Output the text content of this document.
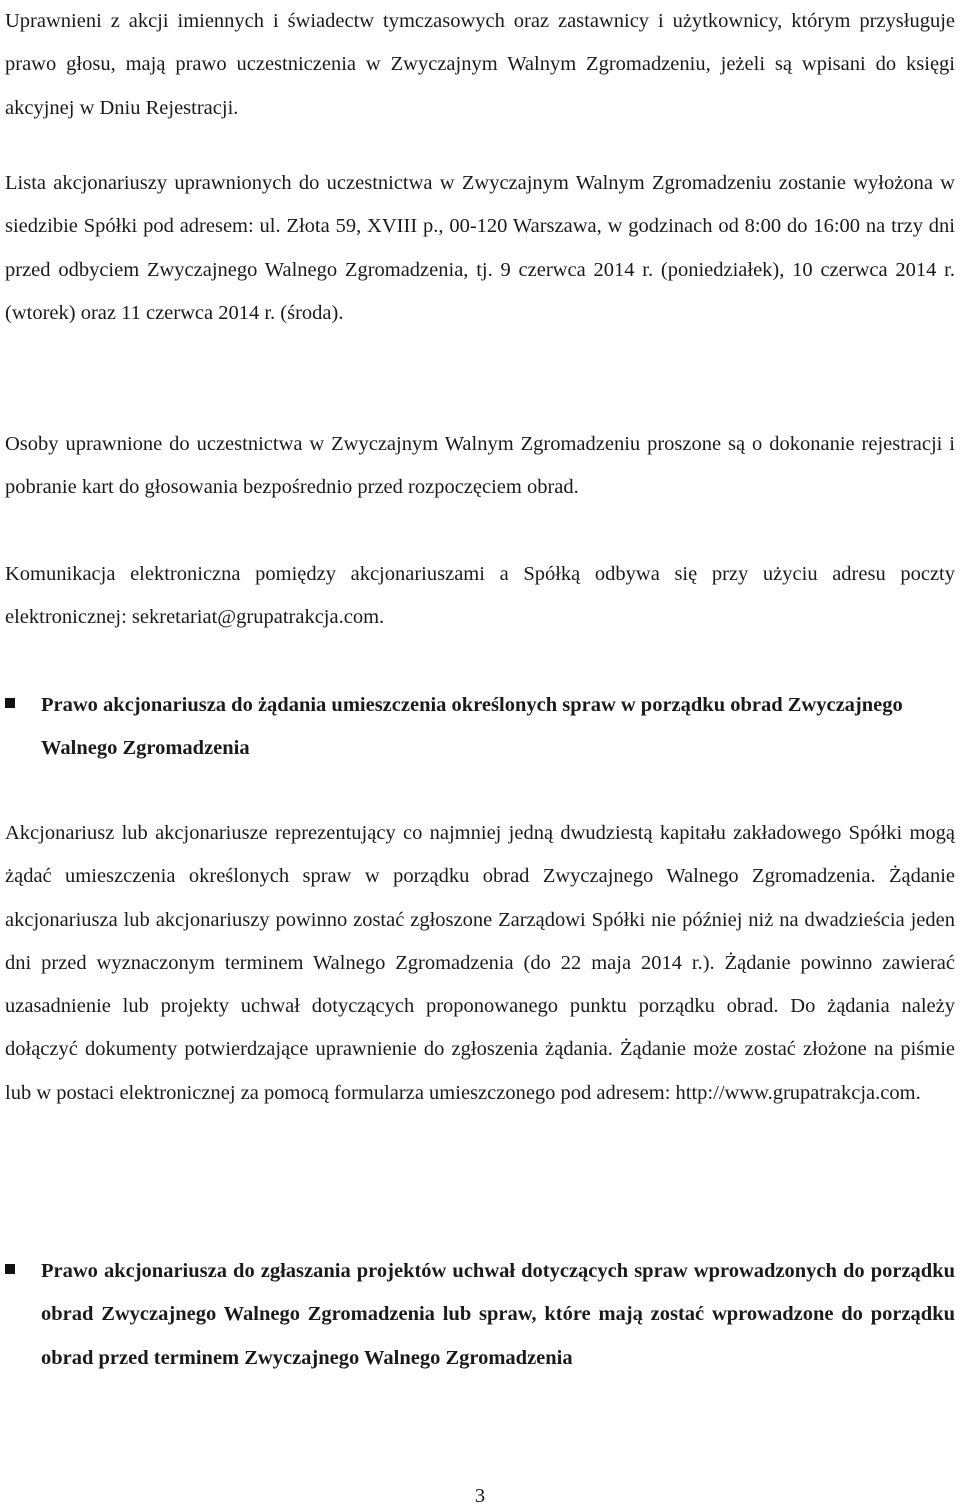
Uprawnieni z akcji imiennych i świadectw tymczasowych oraz zastawnicy i użytkownicy, którym przysługuje prawo głosu, mają prawo uczestniczenia w Zwyczajnym Walnym Zgromadzeniu, jeżeli są wpisani do księgi akcyjnej w Dniu Rejestracji.

Lista akcjonariuszy uprawnionych do uczestnictwa w Zwyczajnym Walnym Zgromadzeniu zostanie wyłożona w siedzibie Spółki pod adresem: ul. Złota 59, XVIII p., 00-120 Warszawa, w godzinach od 8:00 do 16:00 na trzy dni przed odbyciem Zwyczajnego Walnego Zgromadzenia, tj. 9 czerwca 2014 r. (poniedziałek), 10 czerwca 2014 r. (wtorek) oraz 11 czerwca 2014 r. (środa).

Osoby uprawnione do uczestnictwa w Zwyczajnym Walnym Zgromadzeniu proszone są o dokonanie rejestracji i pobranie kart do głosowania bezpośrednio przed rozpoczęciem obrad.

Komunikacja elektroniczna pomiędzy akcjonariuszami a Spółką odbywa się przy użyciu adresu poczty elektronicznej: sekretariat@grupatrakcja.com.

Prawo akcjonariusza do żądania umieszczenia określonych spraw w porządku obrad Zwyczajnego Walnego Zgromadzenia

Akcjonariusz lub akcjonariusze reprezentujący co najmniej jedną dwudziestą kapitału zakładowego Spółki mogą żądać umieszczenia określonych spraw w porządku obrad Zwyczajnego Walnego Zgromadzenia. Żądanie akcjonariusza lub akcjonariuszy powinno zostać zgłoszone Zarządowi Spółki nie później niż na dwadzieścia jeden dni przed wyznaczonym terminem Walnego Zgromadzenia (do 22 maja 2014 r.). Żądanie powinno zawierać uzasadnienie lub projekty uchwał dotyczących proponowanego punktu porządku obrad. Do żądania należy dołączyć dokumenty potwierdzające uprawnienie do zgłoszenia żądania. Żądanie może zostać złożone na piśmie lub w postaci elektronicznej za pomocą formularza umieszczonego pod adresem: http://www.grupatrakcja.com.

Prawo akcjonariusza do zgłaszania projektów uchwał dotyczących spraw wprowadzonych do porządku obrad Zwyczajnego Walnego Zgromadzenia lub spraw, które mają zostać wprowadzone do porządku obrad przed terminem Zwyczajnego Walnego Zgromadzenia
3
